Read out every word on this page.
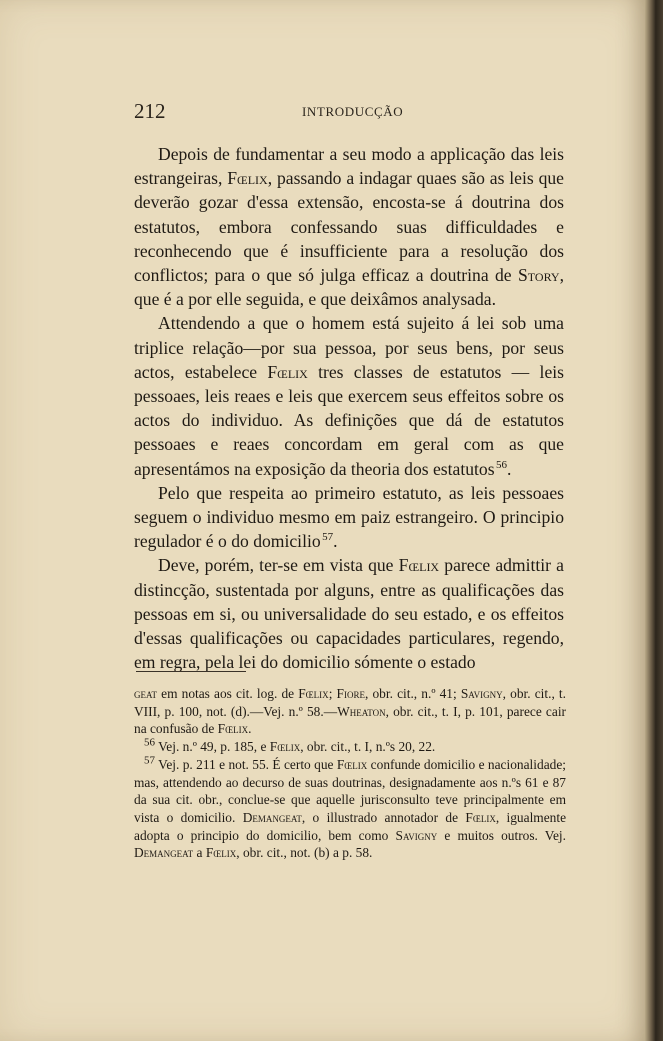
212	INTRODUCÇÃO

Depois de fundamentar a seu modo a applicação das leis estrangeiras, Fœlix, passando a indagar quaes são as leis que deverão gozar d'essa extensão, encosta-se á doutrina dos estatutos, embora confessando suas difficuldades e reconhecendo que é insufficiente para a resolução dos conflictos; para o que só julga efficaz a doutrina de Story, que é a por elle seguida, e que deixâmos analysada.

Attendendo a que o homem está sujeito á lei sob uma triplice relação—por sua pessoa, por seus bens, por seus actos, estabelece Fœlix tres classes de estatutos — leis pessoaes, leis reaes e leis que exercem seus effeitos sobre os actos do individuo. As definições que dá de estatutos pessoaes e reaes concordam em geral com as que apresentámos na exposição da theoria dos estatutos $^{56}$.

Pelo que respeita ao primeiro estatuto, as leis pessoaes seguem o individuo mesmo em paiz estrangeiro. O principio regulador é o do domicilio $^{57}$.

Deve, porém, ter-se em vista que Fœlix parece admittir a distincção, sustentada por alguns, entre as qualificações das pessoas em si, ou universalidade do seu estado, e os effeitos d'essas qualificações ou capacidades particulares, regendo, em regra, pela lei do domicilio sómente o estado

geat em notas aos cit. log. de Fœlix; Fiore, obr. cit., n.º 41; Savigny, obr. cit., t. VIII, p. 100, not. (d).—Vej. n.º 58.—Wheaton, obr. cit., t. I, p. 101, parece cair na confusão de Fœlix.

$^{56}$ Vej. n.º 49, p. 185, e Fœlix, obr. cit., t. I, n.ºs 20, 22.

$^{57}$ Vej. p. 211 e not. 55. É certo que Fœlix confunde domicilio e nacionalidade; mas, attendendo ao decurso de suas doutrinas, designadamente aos n.ºs 61 e 87 da sua cit. obr., conclue-se que aquelle jurisconsulto teve principalmente em vista o domicilio. Demangeat, o illustrado annotador de Fœlix, igualmente adopta o principio do domicilio, bem como Savigny e muitos outros. Vej. Demangeat a Fœlix, obr. cit., not. (b) a p. 58.
